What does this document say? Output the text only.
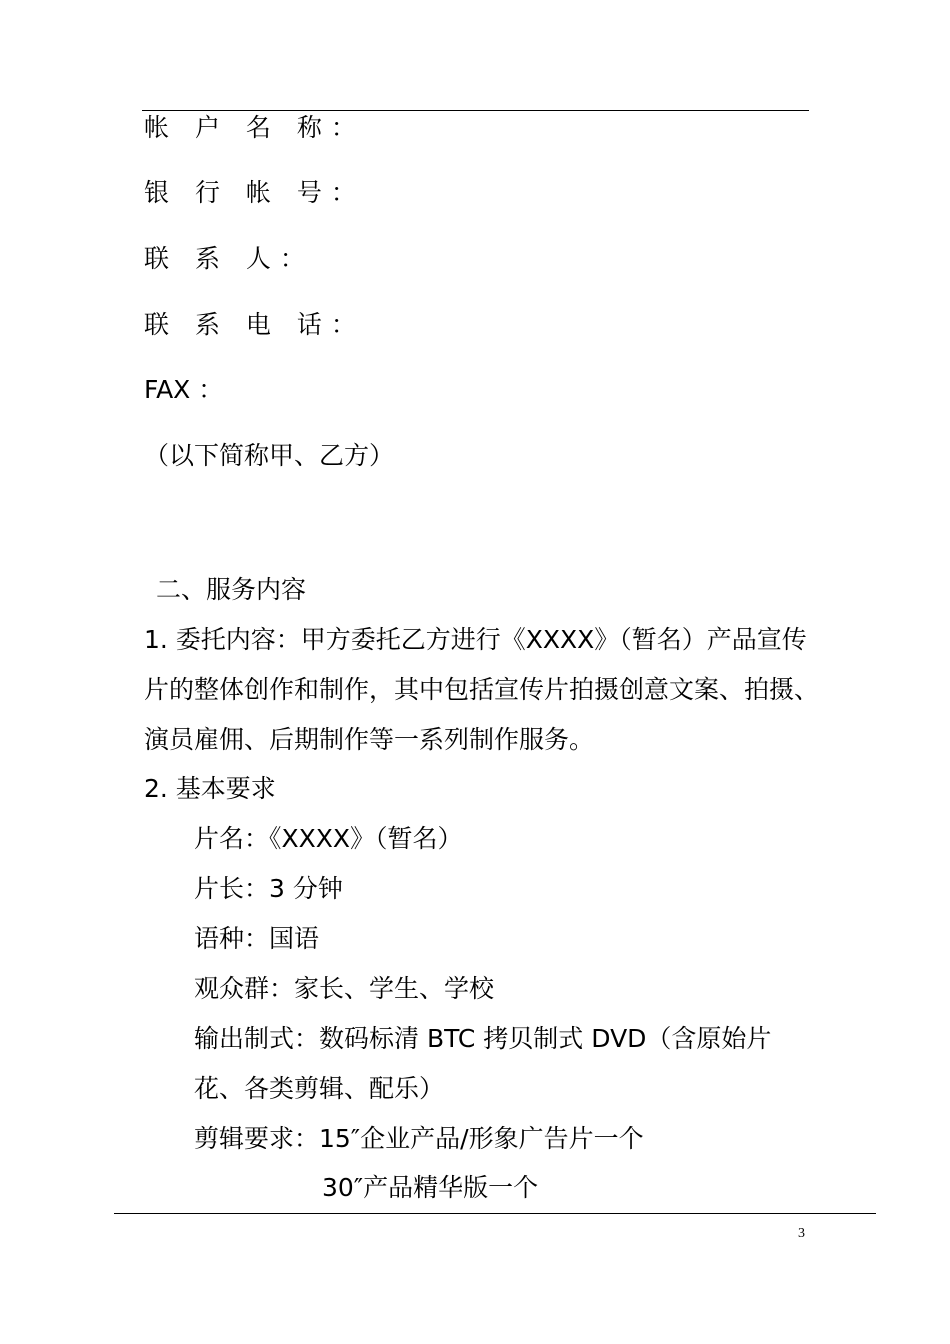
帐 户 名 称：
银 行 帐 号：
联 系 人：
联 系 电 话：
FAX ：
（以下简称甲、乙方）
二、服务内容
1. 委托内容：甲方委托乙方进行《XXXX》（暂名）产品宣传
片的整体创作和制作，其中包括宣传片拍摄创意文案、拍摄、
演员雇佣、后期制作等一系列制作服务。
2. 基本要求
片名：《XXXX》（暂名）
片长：3 分钟
语种：国语
观众群：家长、学生、学校
输出制式：数码标清 BTC 拷贝制式 DVD（含原始片
花、各类剪辑、配乐）
剪辑要求：15″企业产品/形象广告片一个
30″产品精华版一个
3
